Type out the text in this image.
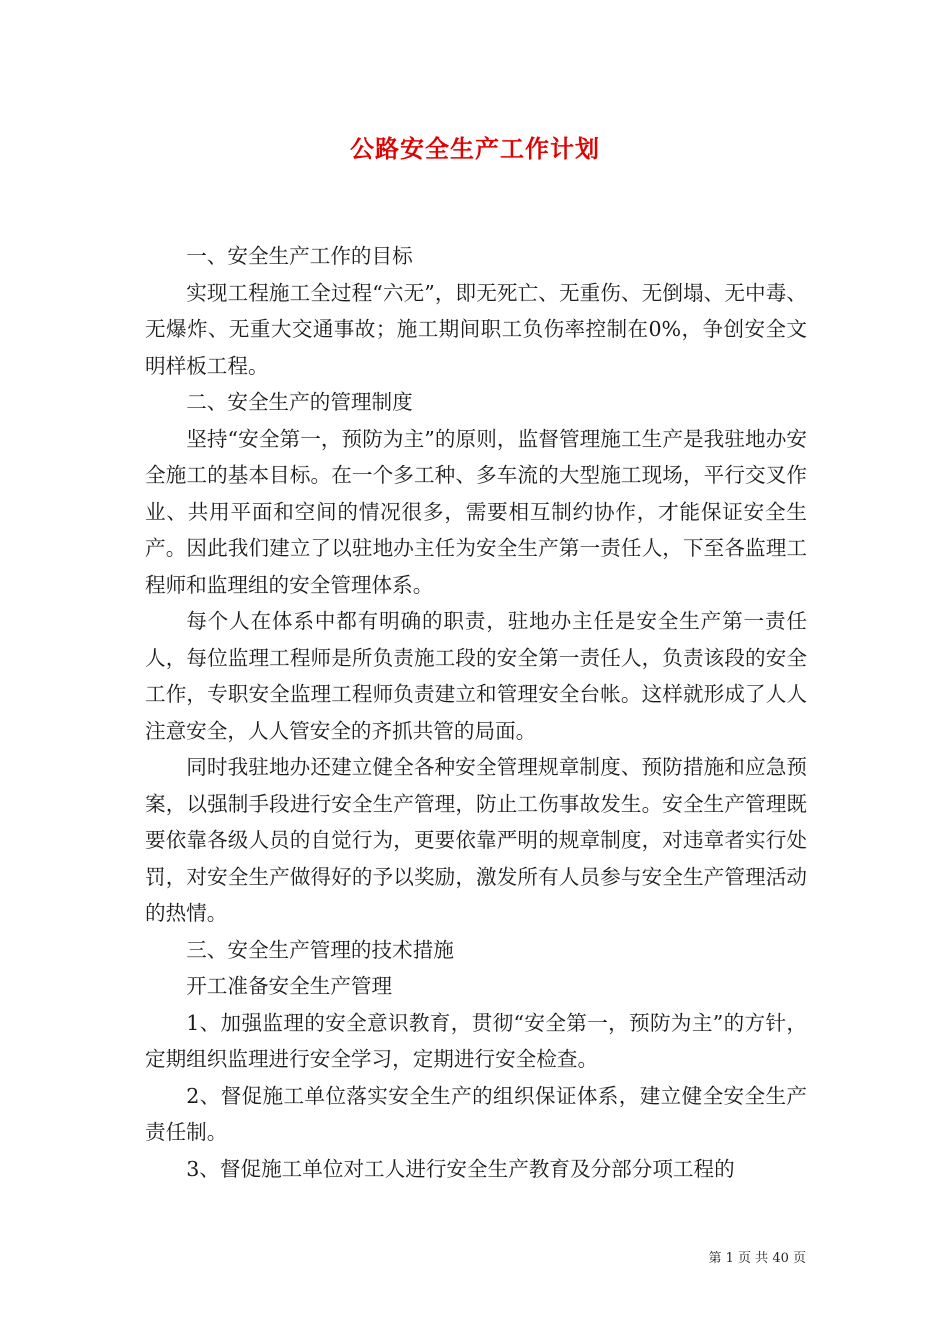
公路安全生产工作计划

一、安全生产工作的目标

实现工程施工全过程“六无”，即无死亡、无重伤、无倒塌、无中毒、无爆炸、无重大交通事故；施工期间职工负伤率控制在0%，争创安全文明样板工程。

二、安全生产的管理制度

坚持“安全第一，预防为主”的原则，监督管理施工生产是我驻地办安全施工的基本目标。在一个多工种、多车流的大型施工现场，平行交叉作业、共用平面和空间的情况很多，需要相互制约协作，才能保证安全生产。因此我们建立了以驻地办主任为安全生产第一责任人，下至各监理工程师和监理组的安全管理体系。

每个人在体系中都有明确的职责，驻地办主任是安全生产第一责任人，每位监理工程师是所负责施工段的安全第一责任人，负责该段的安全工作，专职安全监理工程师负责建立和管理安全台帐。这样就形成了人人注意安全，人人管安全的齐抓共管的局面。

同时我驻地办还建立健全各种安全管理规章制度、预防措施和应急预案，以强制手段进行安全生产管理，防止工伤事故发生。安全生产管理既要依靠各级人员的自觉行为，更要依靠严明的规章制度，对违章者实行处罚，对安全生产做得好的予以奖励，激发所有人员参与安全生产管理活动的热情。

三、安全生产管理的技术措施

开工准备安全生产管理

1、加强监理的安全意识教育，贯彻“安全第一，预防为主”的方针，定期组织监理进行安全学习，定期进行安全检查。

2、督促施工单位落实安全生产的组织保证体系，建立健全安全生产责任制。

3、督促施工单位对工人进行安全生产教育及分部分项工程的

第 1 页 共 40 页
